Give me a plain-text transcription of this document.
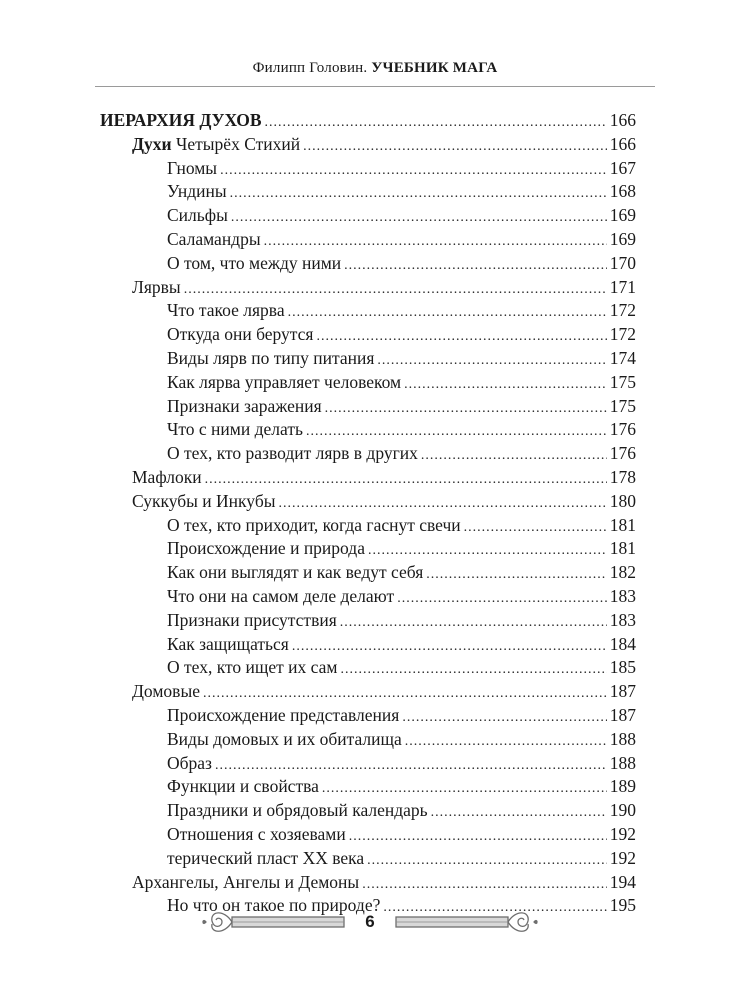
Филипп Головин. УЧЕБНИК МАГА
ИЕРАРХИЯ ДУХОВ .....	166
Духи Четырёх Стихий .....	166
Гномы .....	167
Ундины .....	168
Сильфы .....	169
Саламандры .....	169
О том, что между ними .....	170
Лярвы .....	171
Что такое лярва .....	172
Откуда они берутся .....	172
Виды лярв по типу питания .....	174
Как лярва управляет человеком .....	175
Признаки заражения .....	175
Что с ними делать .....	176
О тех, кто разводит лярв в других .....	176
Мафлоки .....	178
Суккубы и Инкубы .....	180
О тех, кто приходит, когда гаснут свечи .....	181
Происхождение и природа .....	181
Как они выглядят и как ведут себя .....	182
Что они на самом деле делают .....	183
Признаки присутствия .....	183
Как защищаться .....	184
О тех, кто ищет их сам .....	185
Домовые .....	187
Происхождение представления .....	187
Виды домовых и их обиталища .....	188
Образ .....	188
Функции и свойства .....	189
Праздники и обрядовый календарь .....	190
Отношения с хозяевами .....	192
терический пласт XX века .....	192
Архангелы, Ангелы и Демоны .....	194
Но что он такое по природе? .....	195
6
